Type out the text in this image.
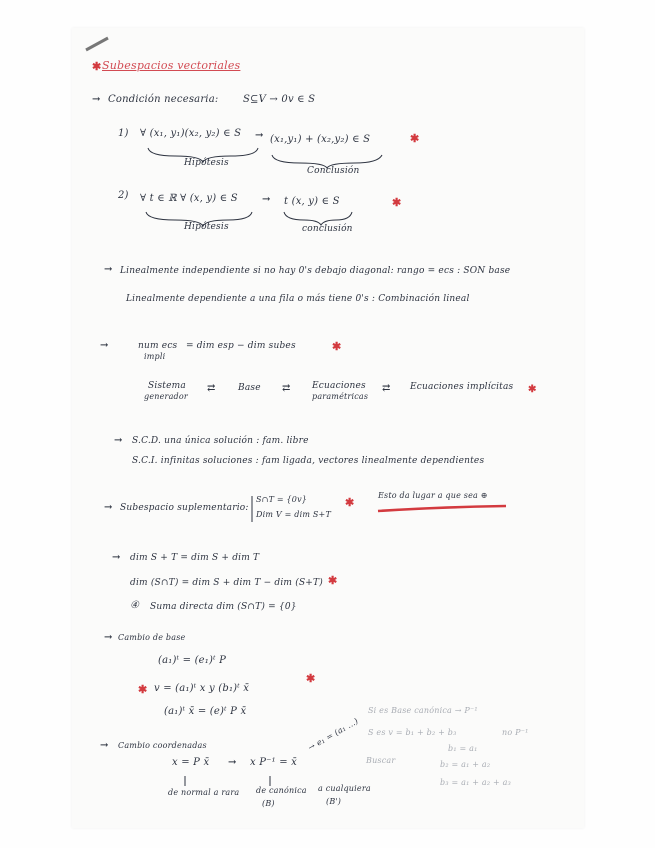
✱ Subespacios vectoriales
→ Condición necesaria: S⊆V → 0v ∈ S
1) ∀ (x₁, y₁)(x₂, y₂) ∈ S → (x₁,y₁) + (x₂,y₂) ∈ S	✱
Hipótesis
Conclusión
2) ∀ t ∈ ℝ ∀ (x, y) ∈ S → t (x, y) ∈ S	✱
Hipótesis	conclusión
→ Linealmente independiente si no hay 0's debajo diagonal: rango = ecs : SON base
Linealmente dependiente a una fila o más tiene 0's : Combinación lineal
→	num ecs
impli
= dim esp − dim subes	✱
Sistema
generador
⇄ Base ⇄ Ecuaciones
paramétricas
⇄ Ecuaciones implícitas ✱
→ S.C.D. una única solución : fam. libre
S.C.I. infinitas soluciones : fam ligada, vectores linealmente dependientes
→ Subespacio suplementario:
S∩T = {0v}
Dim V = dim S+T
✱
Esto da lugar a que sea ⊕
→ dim S + T = dim S + dim T
dim (S∩T) = dim S + dim T − dim (S+T) ✱
④ Suma directa dim (S∩T) = {0}
→ Cambio de base
(a₁)ᵗ = (e₁)ᵗ P
✱ v = (a₁)ᵗ x y (b₁)ᵗ x̄
✱
(a₁)ᵗ x̄ = (e)ᵗ P x̄
→ Cambio coordenadas
x = P x̄ → x P⁻¹ = x̄
→ e₁ = (a₁ ...)
de normal a rara de canónica
(B)
a cualquiera
(B')
Si es Base canónica → P⁻¹
S es v = b₁ + b₂ + b₃	no P⁻¹
b₁ = a₁
b₂ = a₁ + a₂
b₃ = a₁ + a₂ + a₃
Buscar
